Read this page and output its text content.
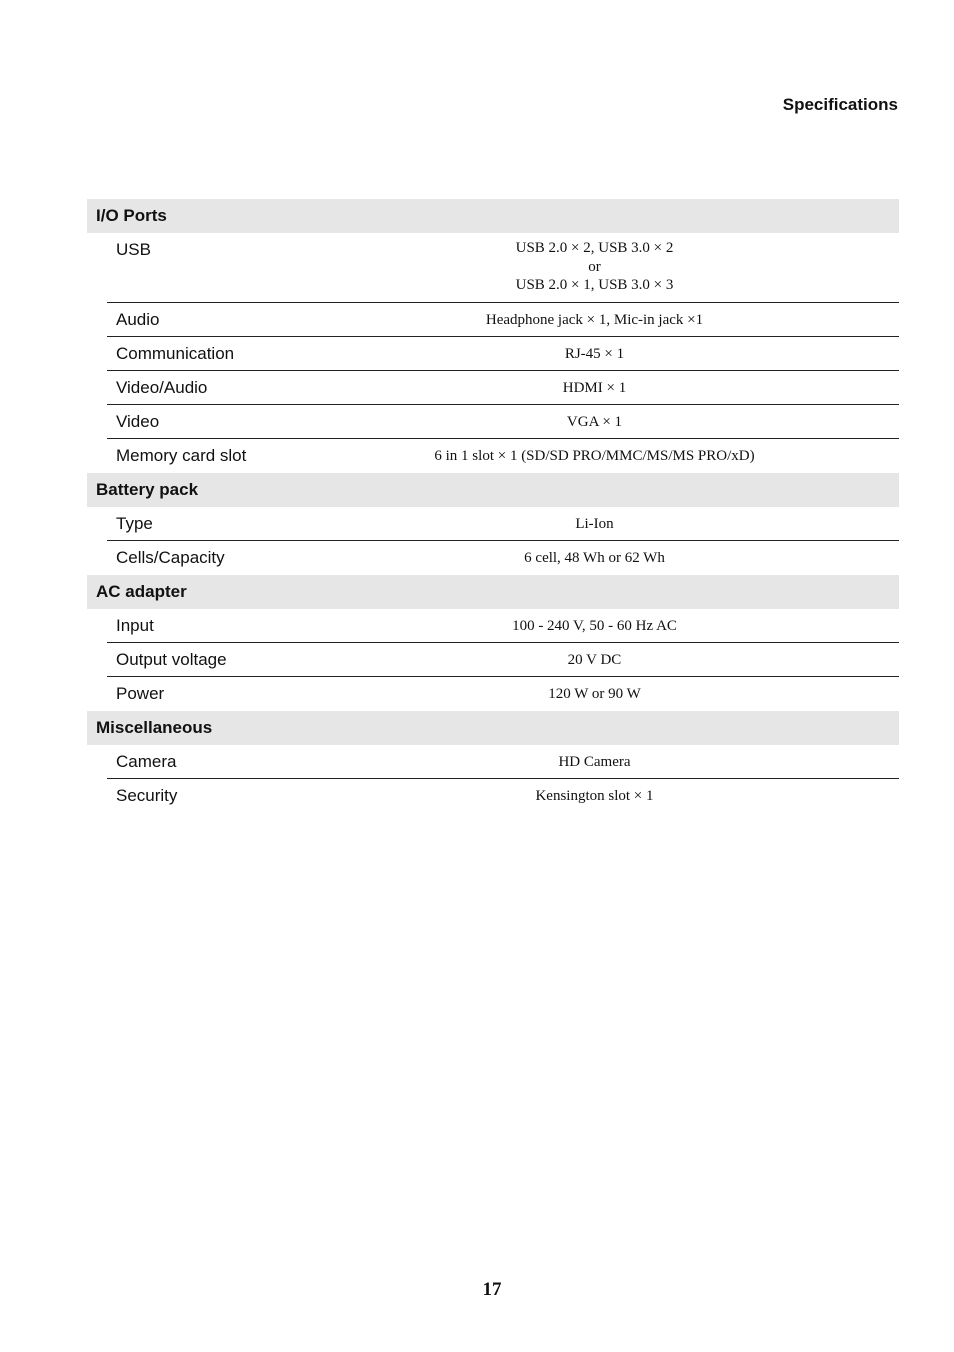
Specifications
I/O Ports
USB	USB 2.0 × 2, USB 3.0 × 2
or
USB 2.0 × 1, USB 3.0 × 3
Audio	Headphone jack × 1, Mic-in jack ×1
Communication	RJ-45 × 1
Video/Audio	HDMI × 1
Video	VGA × 1
Memory card slot	6 in 1 slot × 1 (SD/SD PRO/MMC/MS/MS PRO/xD)
Battery pack
Type	Li-Ion
Cells/Capacity	6 cell, 48 Wh or 62 Wh
AC adapter
Input	100 - 240 V, 50 - 60 Hz AC
Output voltage	20 V DC
Power	120 W or 90 W
Miscellaneous
Camera	HD Camera
Security	Kensington slot × 1
17
